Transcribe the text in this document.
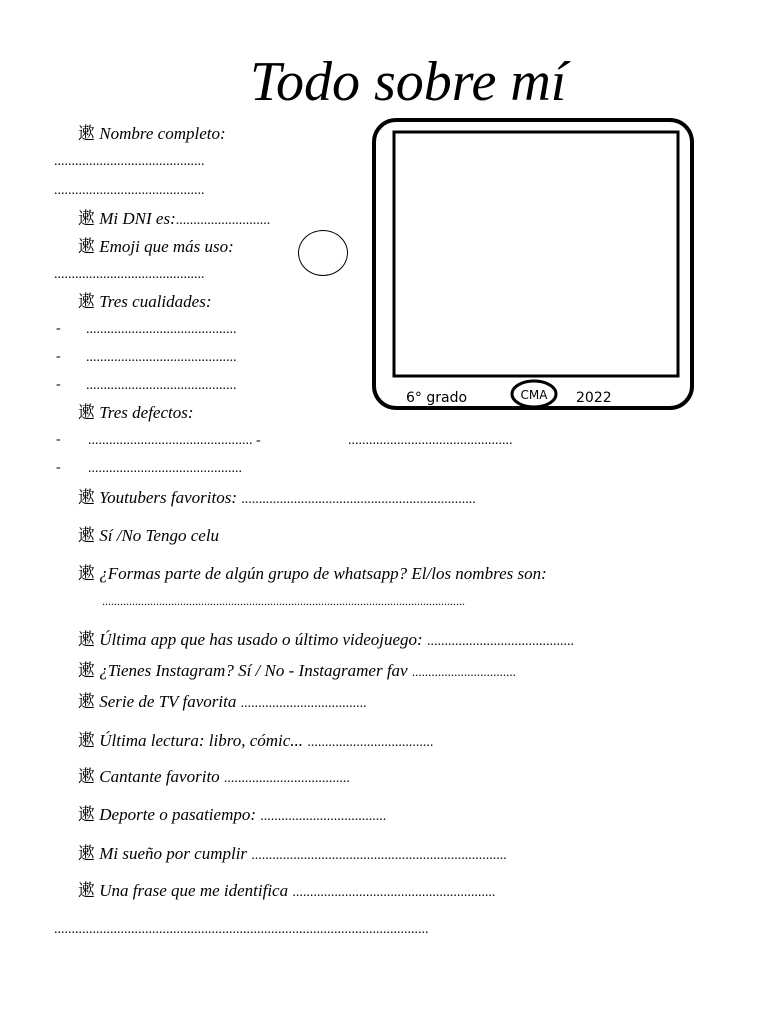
Todo sobre mí
遬 Nombre completo:
...........................................
...........................................
遬 Mi DNI es:...........................
遬 Emoji que más uso:
...........................................
遬 Tres cualidades:
- ...........................................
- ...........................................
- ...........................................
遬 Tres defectos:
- ............................................... -	...............................................
- ............................................
遬 Youtubers favoritos: ...................................................................
遬 Sí /No Tengo celu
遬 ¿Formas parte de algún grupo de whatsapp? El/los nombres son:
.........................................................................................................................
遬 Última app que has usado o último videojuego: ..........................................
遬 ¿Tienes Instagram? Sí / No - Instagramer fav ................................
遬 Serie de TV favorita ....................................
遬 Última lectura: libro, cómic... ....................................
遬 Cantante favorito ....................................
遬 Deporte o pasatiempo: ....................................
遬 Mi sueño por cumplir .........................................................................
遬 Una frase que me identifica ..........................................................
...........................................................................................................
6° grado	CMA 2022
